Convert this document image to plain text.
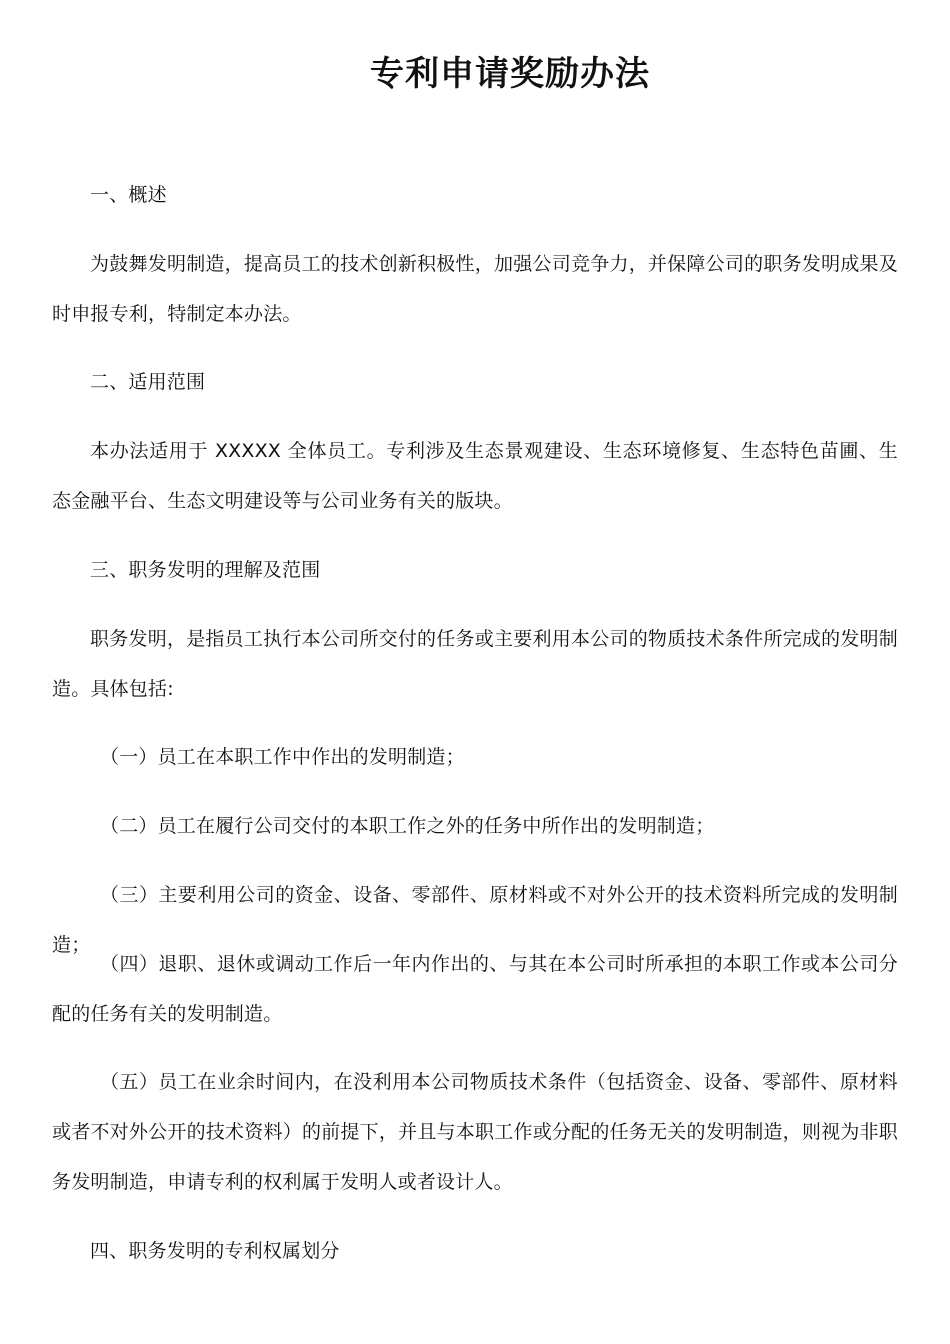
专利申请奖励办法

一、概述

为鼓舞发明制造，提高员工的技术创新积极性，加强公司竞争力，并保障公司的职务发明成果及时申报专利，特制定本办法。

二、适用范围

本办法适用于 XXXXX 全体员工。专利涉及生态景观建设、生态环境修复、生态特色苗圃、生态金融平台、生态文明建设等与公司业务有关的版块。

三、职务发明的理解及范围

职务发明，是指员工执行本公司所交付的任务或主要利用本公司的物质技术条件所完成的发明制造。具体包括:

（一）员工在本职工作中作出的发明制造；

（二）员工在履行公司交付的本职工作之外的任务中所作出的发明制造；

（三）主要利用公司的资金、设备、零部件、原材料或不对外公开的技术资料所完成的发明制造；

（四）退职、退休或调动工作后一年内作出的、与其在本公司时所承担的本职工作或本公司分配的任务有关的发明制造。

（五）员工在业余时间内，在没利用本公司物质技术条件（包括资金、设备、零部件、原材料或者不对外公开的技术资料）的前提下，并且与本职工作或分配的任务无关的发明制造，则视为非职务发明制造，申请专利的权利属于发明人或者设计人。

四、职务发明的专利权属划分
